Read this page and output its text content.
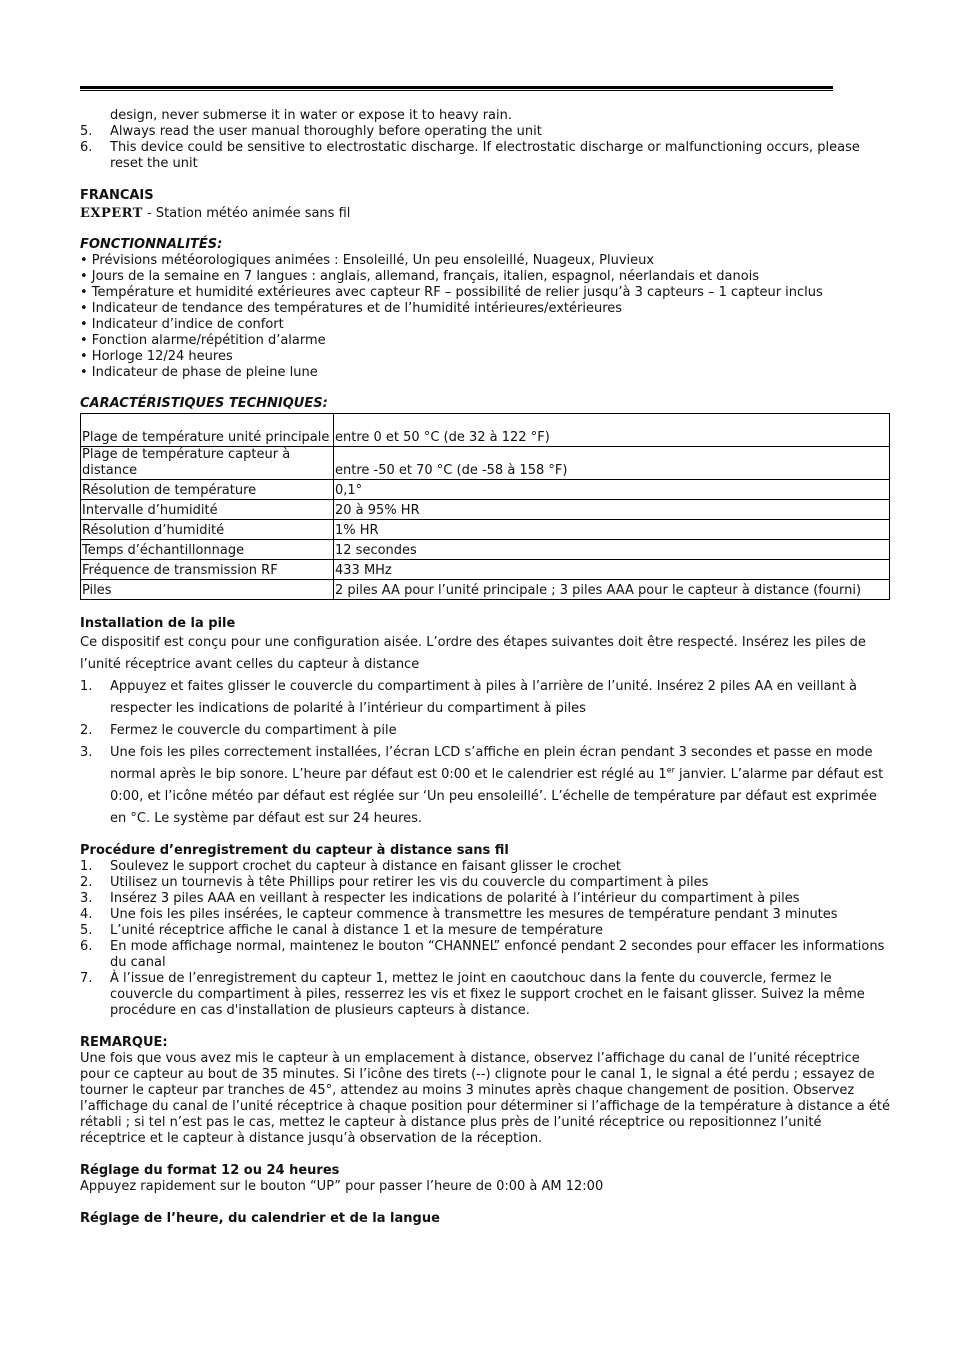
design, never submerse it in water or expose it to heavy rain.
5.	Always read the user manual thoroughly before operating the unit
6.	This device could be sensitive to electrostatic discharge. If electrostatic discharge or malfunctioning occurs, please reset the unit
FRANCAIS
EXPERT - Station météo animée sans fil
FONCTIONNALITÉS:
• Prévisions météorologiques animées : Ensoleillé, Un peu ensoleillé, Nuageux, Pluvieux
• Jours de la semaine en 7 langues : anglais, allemand, français, italien, espagnol, néerlandais et danois
• Température et humidité extérieures avec capteur RF – possibilité de relier jusqu’à 3 capteurs – 1 capteur inclus
• Indicateur de tendance des températures et de l’humidité intérieures/extérieures
• Indicateur d’indice de confort
• Fonction alarme/répétition d’alarme
• Horloge 12/24 heures
• Indicateur de phase de pleine lune
CARACTÉRISTIQUES TECHNIQUES:
Plage de température unité principale	entre 0 et 50 °C (de 32 à 122 °F)
Plage de température capteur à distance	entre -50 et 70 °C (de -58 à 158 °F)
Résolution de température	0,1°
Intervalle d’humidité	20 à 95% HR
Résolution d’humidité	1% HR
Temps d’échantillonnage	12 secondes
Fréquence de transmission RF	433 MHz
Piles	2 piles AA pour l’unité principale ; 3 piles AAA pour le capteur à distance (fourni)
Installation de la pile
Ce dispositif est conçu pour une configuration aisée. L’ordre des étapes suivantes doit être respecté. Insérez les piles de l’unité réceptrice avant celles du capteur à distance
1.	Appuyez et faites glisser le couvercle du compartiment à piles à l’arrière de l’unité. Insérez 2 piles AA en veillant à respecter les indications de polarité à l’intérieur du compartiment à piles
2.	Fermez le couvercle du compartiment à pile
3.	Une fois les piles correctement installées, l’écran LCD s’affiche en plein écran pendant 3 secondes et passe en mode normal après le bip sonore. L’heure par défaut est 0:00 et le calendrier est réglé au 1er janvier. L’alarme par défaut est 0:00, et l’icône météo par défaut est réglée sur ‘Un peu ensoleillé’. L’échelle de température par défaut est exprimée en °C. Le système par défaut est sur 24 heures.
Procédure d’enregistrement du capteur à distance sans fil
1.	Soulevez le support crochet du capteur à distance en faisant glisser le crochet
2.	Utilisez un tournevis à tête Phillips pour retirer les vis du couvercle du compartiment à piles
3.	Insérez 3 piles AAA en veillant à respecter les indications de polarité à l’intérieur du compartiment à piles
4.	Une fois les piles insérées, le capteur commence à transmettre les mesures de température pendant 3 minutes
5.	L’unité réceptrice affiche le canal à distance 1 et la mesure de température
6.	En mode affichage normal, maintenez le bouton “CHANNEL” enfoncé pendant 2 secondes pour effacer les informations du canal
7.	À l’issue de l’enregistrement du capteur 1, mettez le joint en caoutchouc dans la fente du couvercle, fermez le couvercle du compartiment à piles, resserrez les vis et fixez le support crochet en le faisant glisser. Suivez la même procédure en cas d'installation de plusieurs capteurs à distance.
REMARQUE:
Une fois que vous avez mis le capteur à un emplacement à distance, observez l’affichage du canal de l’unité réceptrice pour ce capteur au bout de 35 minutes. Si l’icône des tirets (--) clignote pour le canal 1, le signal a été perdu ; essayez de tourner le capteur par tranches de 45°, attendez au moins 3 minutes après chaque changement de position. Observez l’affichage du canal de l’unité réceptrice à chaque position pour déterminer si l’affichage de la température à distance a été rétabli ; si tel n’est pas le cas, mettez le capteur à distance plus près de l’unité réceptrice ou repositionnez l’unité réceptrice et le capteur à distance jusqu’à observation de la réception.
Réglage du format 12 ou 24 heures
Appuyez rapidement sur le bouton “UP” pour passer l’heure de 0:00 à AM 12:00
Réglage de l’heure, du calendrier et de la langue
